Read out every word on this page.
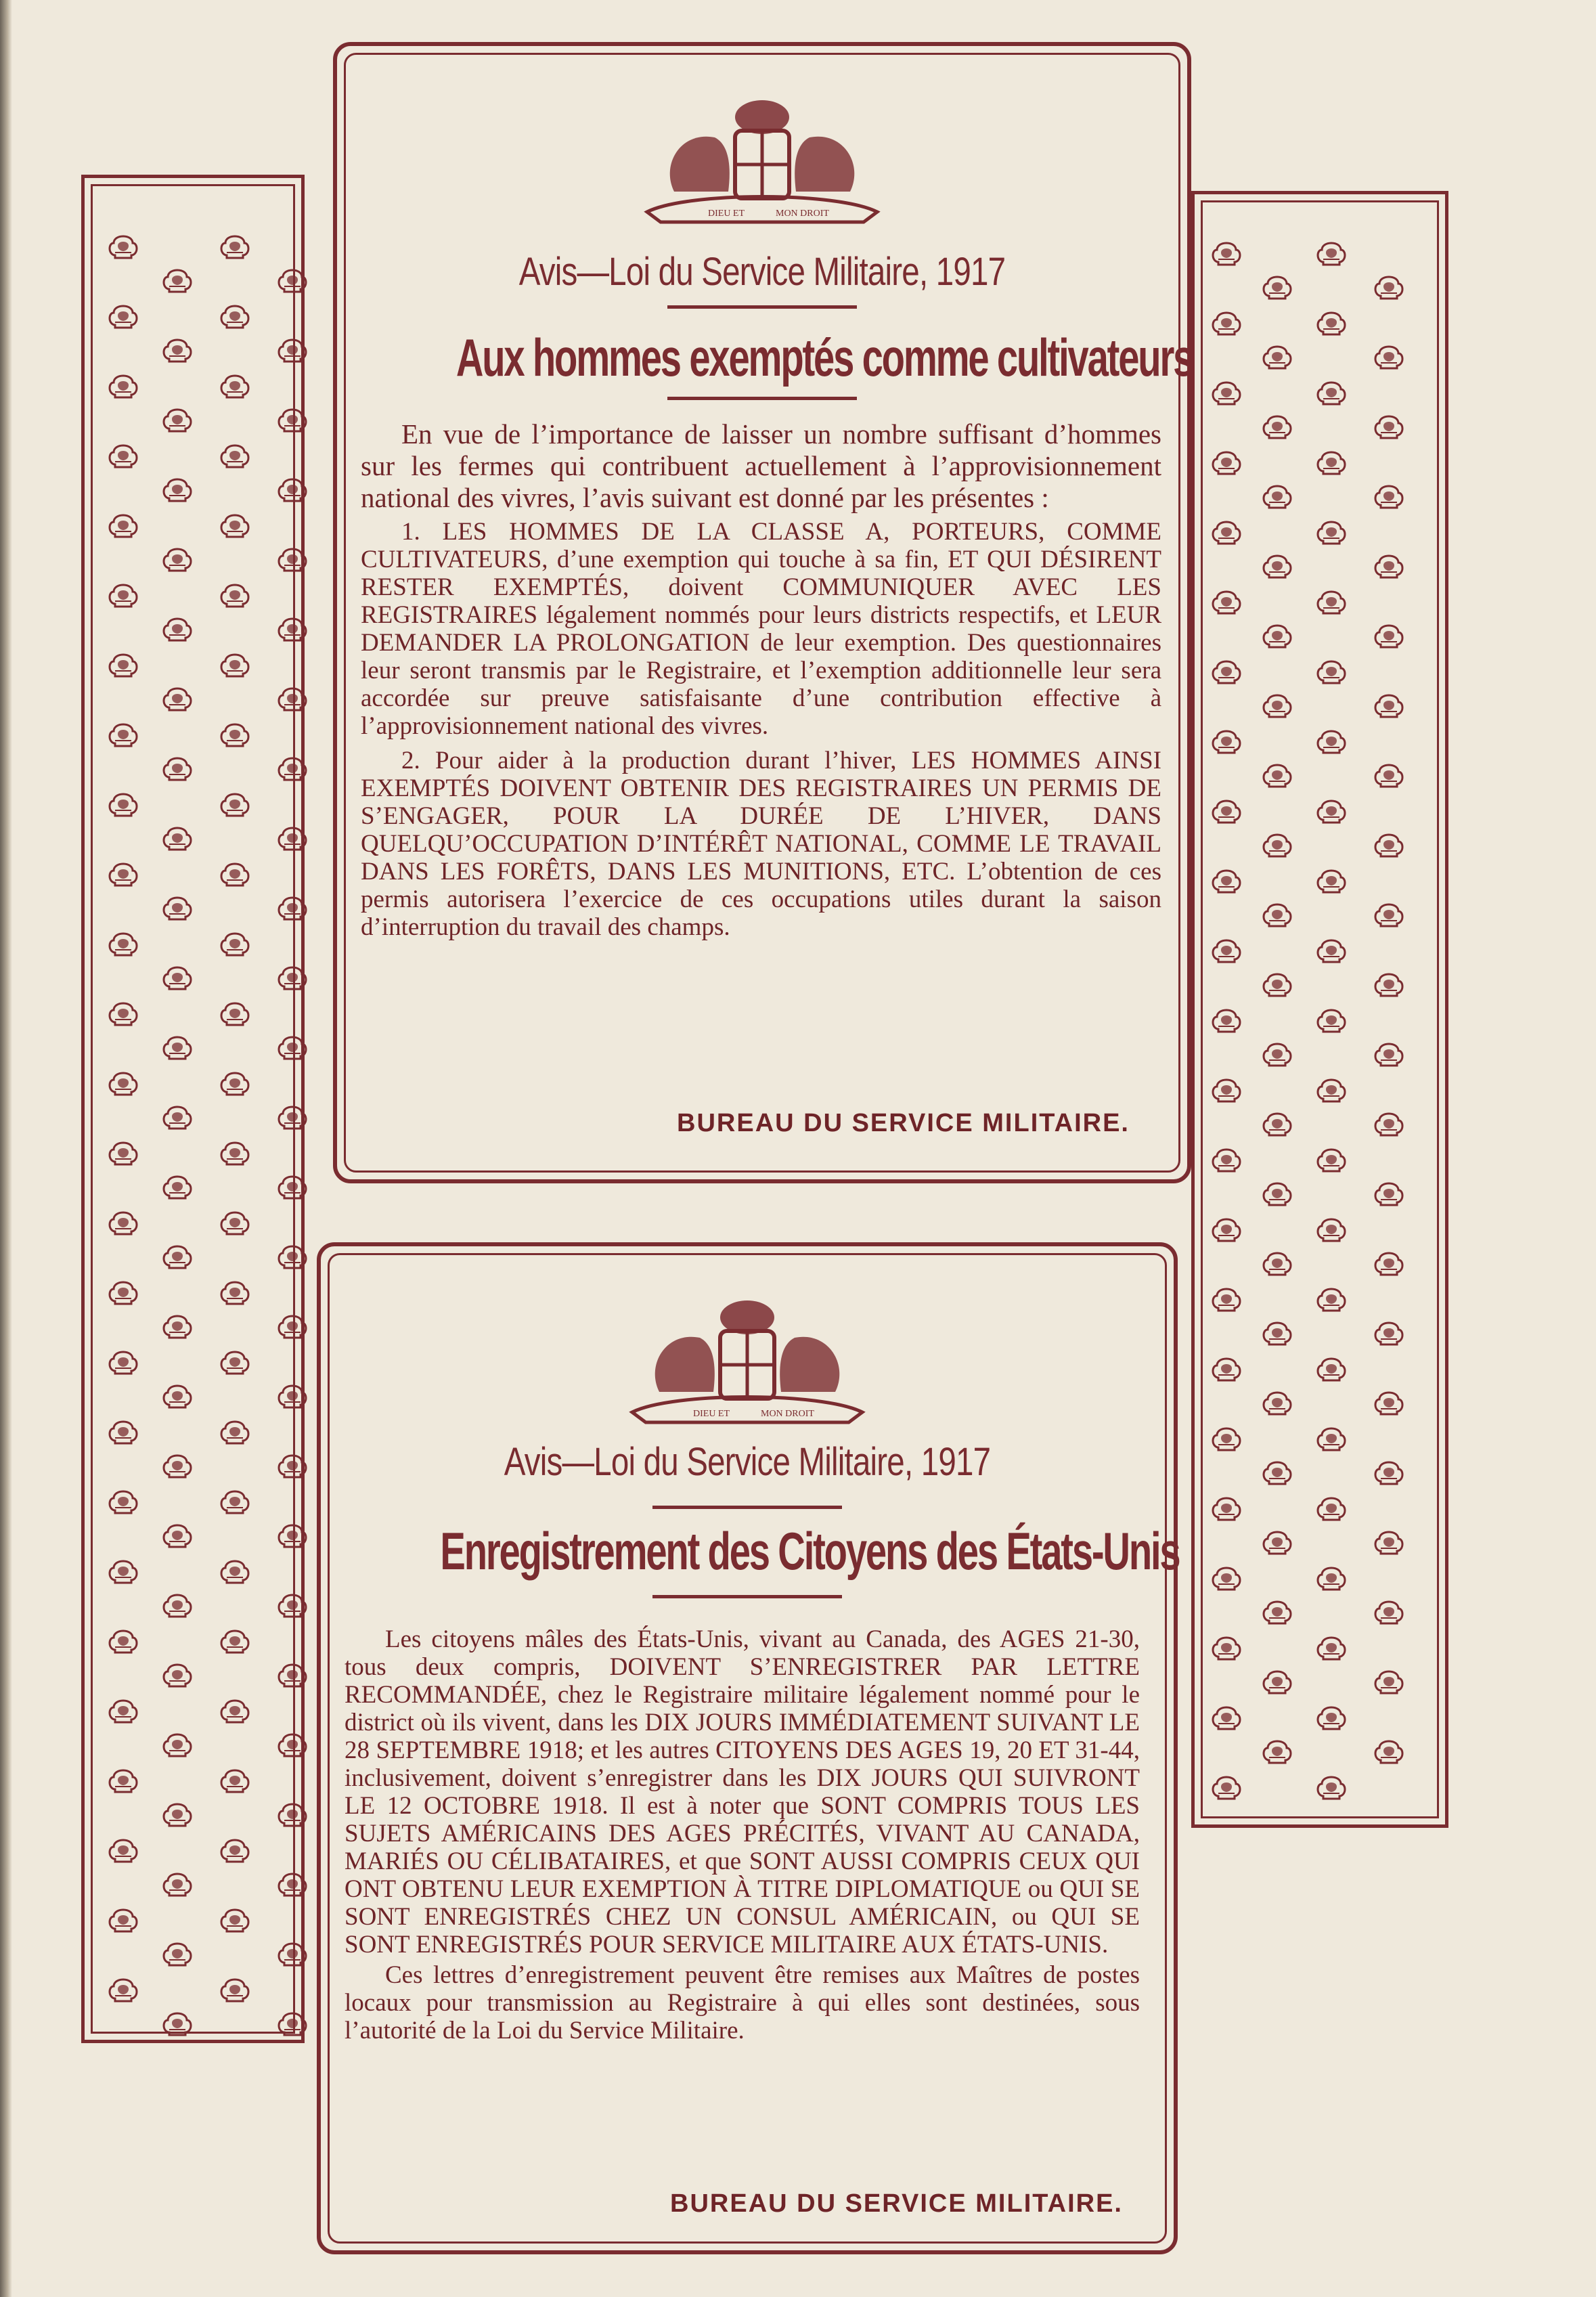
DIEU ET	MON DROIT
Avis—Loi du Service Militaire, 1917
Aux hommes exemptés comme cultivateurs

En vue de l’importance de laisser un nombre suffisant d’hommes sur les fermes qui contribuent actuellement à l’approvisionnement national des vivres, l’avis suivant est donné par les présentes :

1. LES HOMMES DE LA CLASSE A, PORTEURS, COMME CULTIVATEURS, d’une exemption qui touche à sa fin, ET QUI DÉSIRENT RESTER EXEMPTÉS, doivent COMMUNIQUER AVEC LES REGISTRAIRES légalement nommés pour leurs districts respectifs, et LEUR DEMANDER LA PROLONGATION de leur exemption. Des questionnaires leur seront transmis par le Registraire, et l’exemption additionnelle leur sera accordée sur preuve satisfaisante d’une contribution effective à l’approvisionnement national des vivres.

2. Pour aider à la production durant l’hiver, LES HOMMES AINSI EXEMPTÉS DOIVENT OBTENIR DES REGISTRAIRES UN PERMIS DE S’ENGAGER, POUR LA DURÉE DE L’HIVER, DANS QUELQU’OCCUPATION D’INTÉRÊT NATIONAL, COMME LE TRAVAIL DANS LES FORÊTS, DANS LES MUNITIONS, ETC. L’obtention de ces permis autorisera l’exercice de ces occupations utiles durant la saison d’interruption du travail des champs.

BUREAU DU SERVICE MILITAIRE.
DIEU ET	MON DROIT
Avis—Loi du Service Militaire, 1917
Enregistrement des Citoyens des États-Unis

Les citoyens mâles des États-Unis, vivant au Canada, des AGES 21-30, tous deux compris, DOIVENT S’ENREGISTRER PAR LETTRE RECOMMANDÉE, chez le Registraire militaire légalement nommé pour le district où ils vivent, dans les DIX JOURS IMMÉDIATEMENT SUIVANT LE 28 SEPTEMBRE 1918; et les autres CITOYENS DES AGES 19, 20 ET 31-44, inclusivement, doivent s’enregistrer dans les DIX JOURS QUI SUIVRONT LE 12 OCTOBRE 1918. Il est à noter que SONT COMPRIS TOUS LES SUJETS AMÉRICAINS DES AGES PRÉCITÉS, VIVANT AU CANADA, MARIÉS OU CÉLIBATAIRES, et que SONT AUSSI COMPRIS CEUX QUI ONT OBTENU LEUR EXEMPTION À TITRE DIPLOMATIQUE ou QUI SE SONT ENREGISTRÉS CHEZ UN CONSUL AMÉRICAIN, ou QUI SE SONT ENREGISTRÉS POUR SERVICE MILITAIRE AUX ÉTATS-UNIS.

Ces lettres d’enregistrement peuvent être remises aux Maîtres de postes locaux pour transmission au Registraire à qui elles sont destinées, sous l’autorité de la Loi du Service Militaire.

BUREAU DU SERVICE MILITAIRE.
